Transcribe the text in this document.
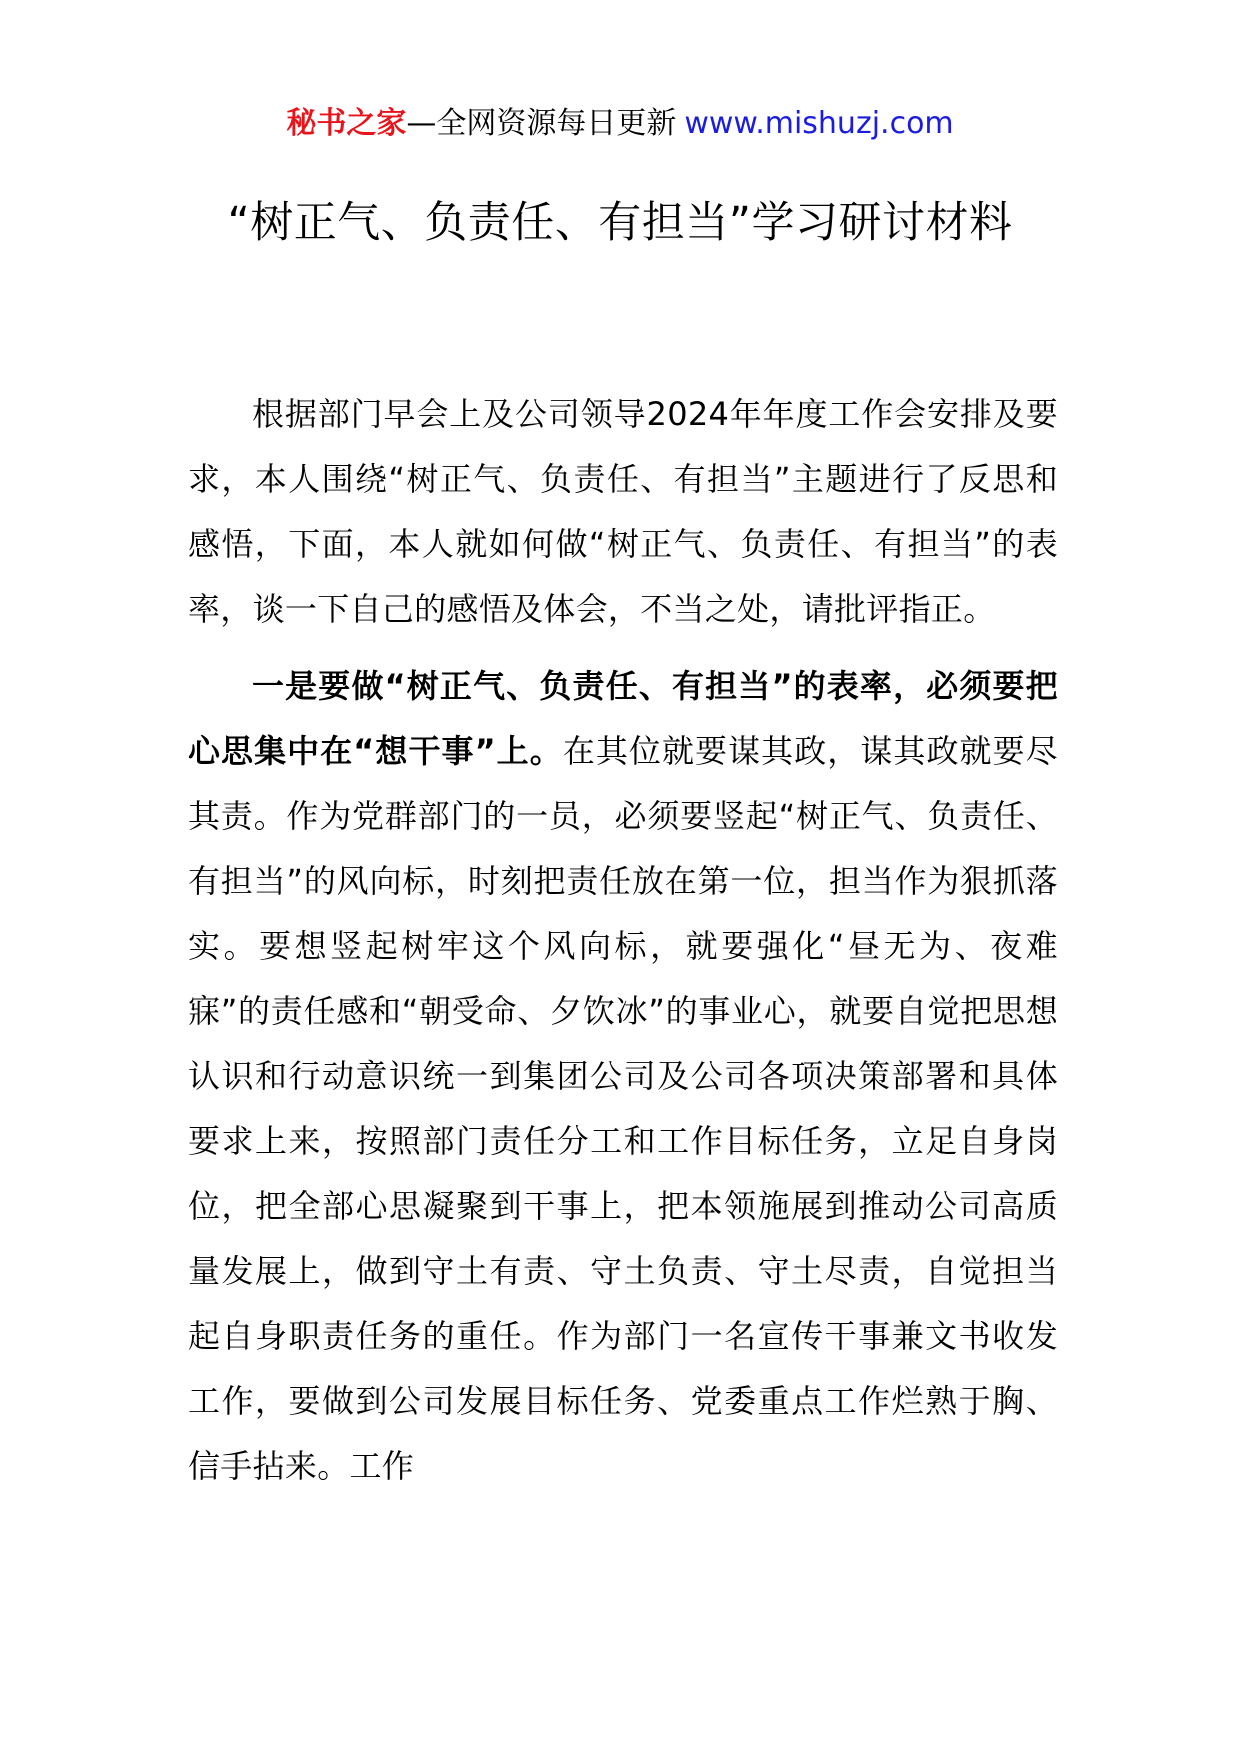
秘书之家—全网资源每日更新 www.mishuzj.com
“树正气、负责任、有担当”学习研讨材料

根据部门早会上及公司领导2024年年度工作会安排及要求，本人围绕“树正气、负责任、有担当”主题进行了反思和感悟，下面，本人就如何做“树正气、负责任、有担当”的表率，谈一下自己的感悟及体会，不当之处，请批评指正。

一是要做“树正气、负责任、有担当”的表率，必须要把心思集中在“想干事”上。在其位就要谋其政，谋其政就要尽其责。作为党群部门的一员，必须要竖起“树正气、负责任、有担当”的风向标，时刻把责任放在第一位，担当作为狠抓落实。要想竖起树牢这个风向标，就要强化“昼无为、夜难寐”的责任感和“朝受命、夕饮冰”的事业心，就要自觉把思想认识和行动意识统一到集团公司及公司各项决策部署和具体要求上来，按照部门责任分工和工作目标任务，立足自身岗位，把全部心思凝聚到干事上，把本领施展到推动公司高质量发展上，做到守土有责、守土负责、守土尽责，自觉担当起自身职责任务的重任。作为部门一名宣传干事兼文书收发工作，要做到公司发展目标任务、党委重点工作烂熟于胸、信手拈来。工作
